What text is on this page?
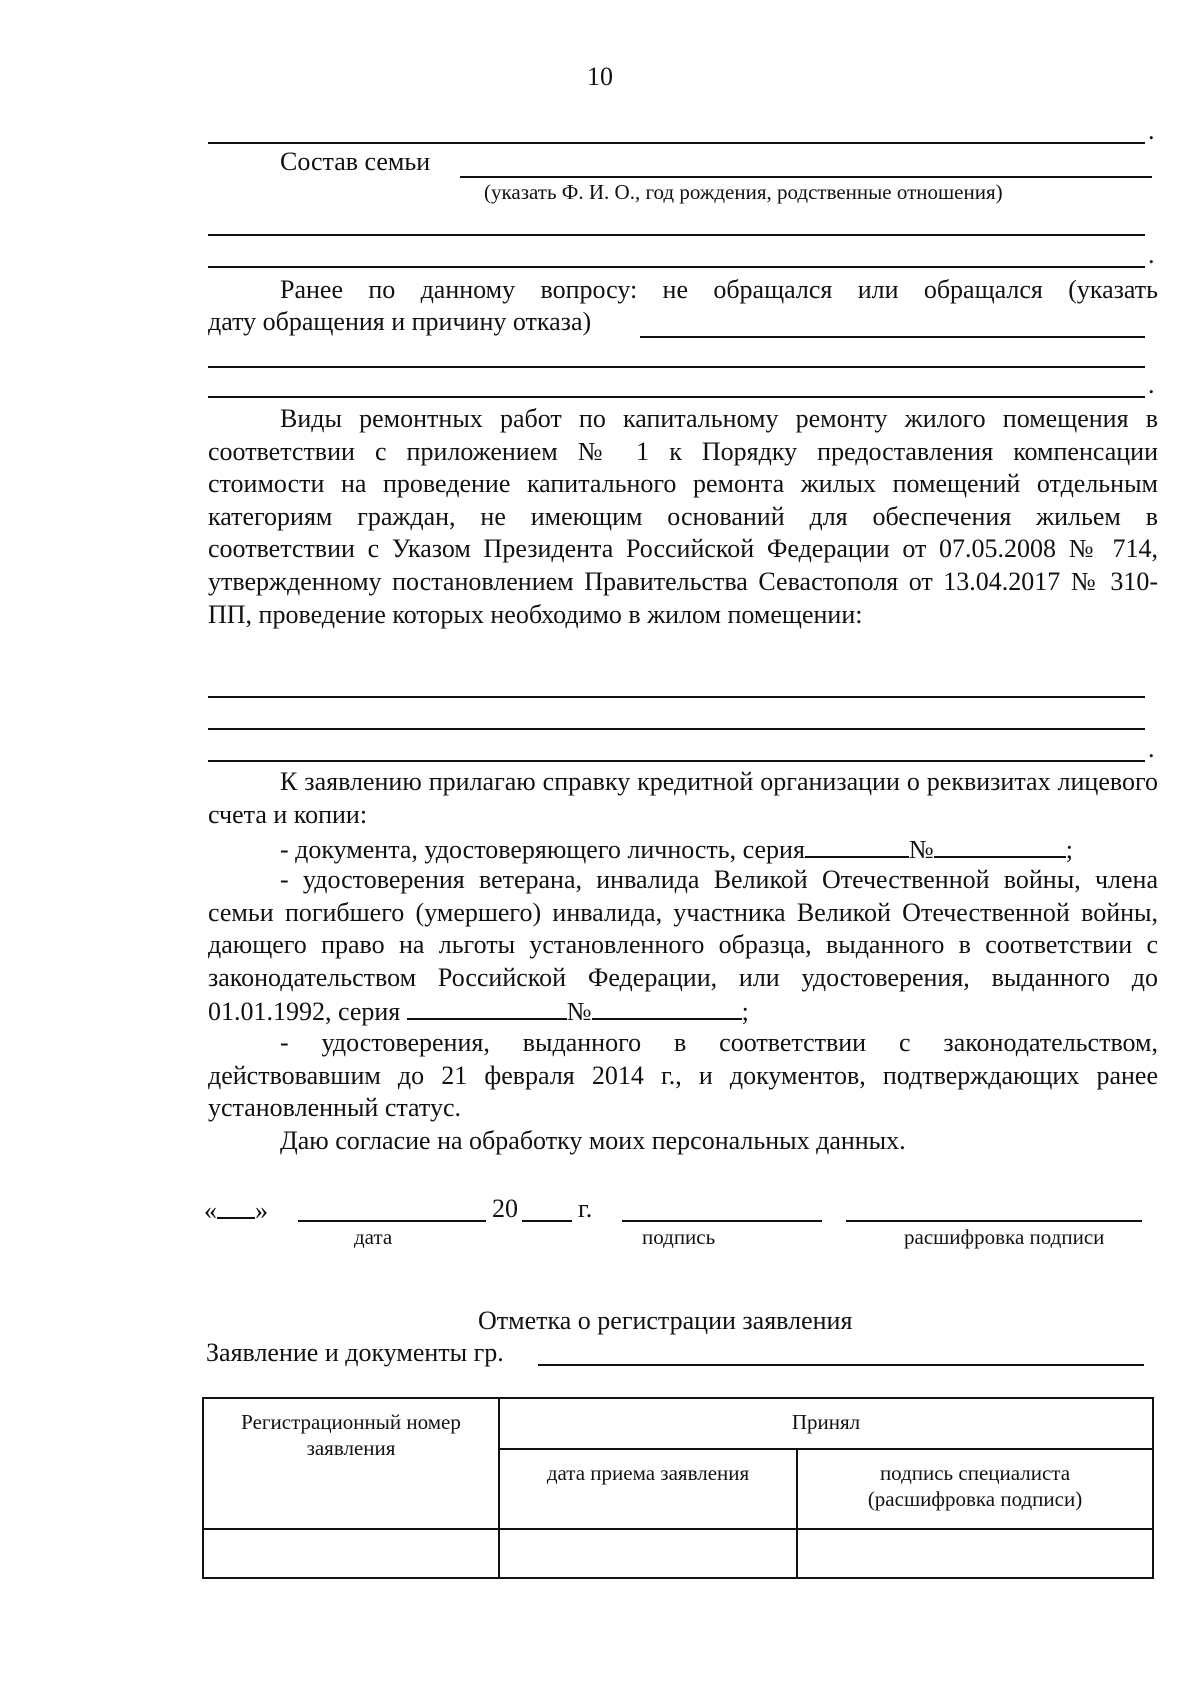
10
.
Состав семьи
(указать Ф. И. О., год рождения, родственные отношения)
.
Ранее по данному вопросу: не обращался или обращался (указать
дату обращения и причину отказа)
.
Виды ремонтных работ по капитальному ремонту жилого помещения в соответствии с приложением № 1 к Порядку предоставления компенсации стоимости на проведение капитального ремонта жилых помещений отдельным категориям граждан, не имеющим оснований для обеспечения жильем в соответствии с Указом Президента Российской Федерации от 07.05.2008 № 714, утвержденному постановлением Правительства Севастополя от 13.04.2017 № 310-ПП, проведение которых необходимо в жилом помещении:
.
К заявлению прилагаю справку кредитной организации о реквизитах лицевого счета и копии:
- документа, удостоверяющего личность, серия	№	;
- удостоверения ветерана, инвалида Великой Отечественной войны, члена семьи погибшего (умершего) инвалида, участника Великой Отечественной войны, дающего право на льготы установленного образца, выданного в соответствии с законодательством Российской Федерации, или удостоверения, выданного до 01.01.1992, серия	№	;
- удостоверения, выданного в соответствии с законодательством, действовавшим до 21 февраля 2014 г., и документов, подтверждающих ранее установленный статус.
Даю согласие на обработку моих персональных данных.
« »	20 г.
дата	подпись	расшифровка подписи
Отметка о регистрации заявления
Заявление и документы гр.
Регистрационный номер заявления	Принял	
	дата приема заявления	подпись специалиста
(расшифровка подписи)
